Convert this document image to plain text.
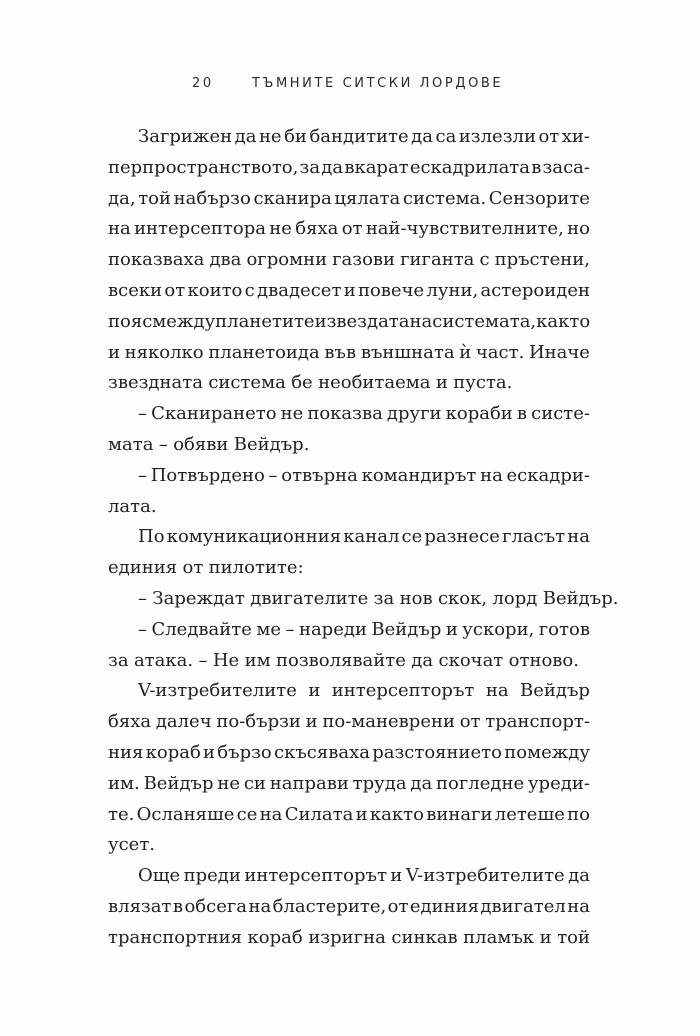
20	ТЪМНИТЕ СИТСКИ ЛОРДОВЕ
Загрижен да не би бандитите да са излезли от хи-
перпространството, за да вкарат ескадрилата в заса-
да, той набързо сканира цялата система. Сензорите
на интерсептора не бяха от най-чувствителните, но
показваха два огромни газови гиганта с пръстени,
всеки от които с двадесет и повече луни, астероиден
пояс между планетите и звездата на системата, както
и няколко планетоида във външната ѝ част. Иначе
звездната система бе необитаема и пуста.
– Сканирането не показва други кораби в систе-
мата – обяви Вейдър.
– Потвърдено – отвърна командирът на ескадри-
лата.
По комуникационния канал се разнесе гласът на
единия от пилотите:
– Зареждат двигателите за нов скок, лорд Вейдър.
– Следвайте ме – нареди Вейдър и ускори, готов
за атака. – Не им позволявайте да скочат отново.
V-изтребителите и интерсепторът на Вейдър
бяха далеч по-бързи и по-маневрени от транспорт-
ния кораб и бързо скъсяваха разстоянието помежду
им. Вейдър не си направи труда да погледне уреди-
те. Осланяше се на Силата и както винаги летеше по
усет.
Още преди интерсепторът и V-изтребителите да
влязат в обсега на бластерите, от единия двигател на
транспортния кораб изригна синкав пламък и той
